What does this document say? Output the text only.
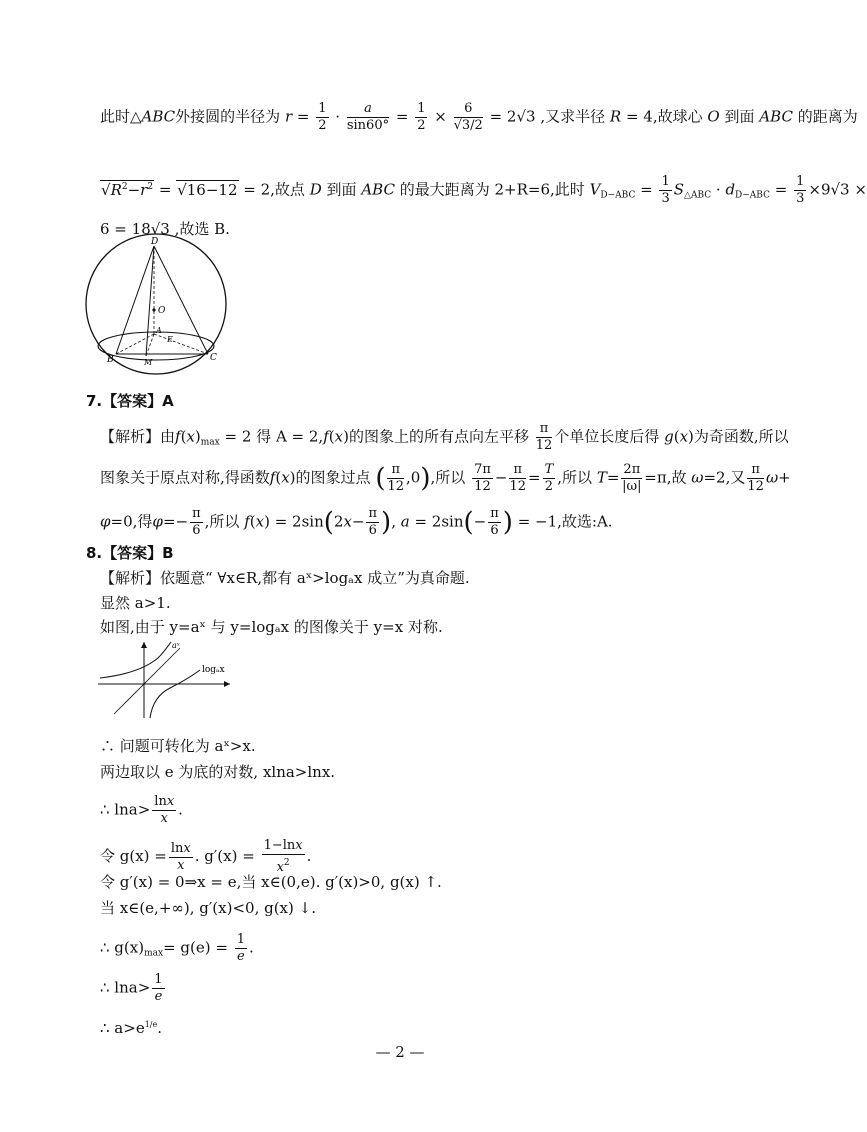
此时△ABC外接圆的半径为 $r = \frac{1}{2} \cdot \frac{a}{\sin 60^\circ} = \frac{1}{2} \times \frac{6}{√3/2} = 2√3$ ,又求半径 R = 4,故球心 O 到面 ABC 的距离为
$√R^2-r^2 = √16-12 = 2$,故点 D 到面 ABC 的最大距离为 2+R=6,此时 $V_{D-ABC} = \frac{1}{3} S_{\triangle ABC} \cdot d_{D-ABC} = \frac{1}{3} \times 9√3$ ×
6 = 18√3 ,故选 B.
D
O
A
E
B	M	C
7.【答案】A
【解析】由$f(x)_{max} = 2$ 得 A = 2,f(x)的图象上的所有点向左平移 $\frac{\pi}{12}$ 个单位长度后得 g(x)为奇函数,所以
图象关于原点对称,得函数f(x)的图象过点 ( $\frac{\pi}{12} ,0$),所以 $\frac{7\pi}{12} - \frac{\pi}{12} = \frac{T}{2}$ ,所以 $T= \frac{2\pi}{|\omega|} =\pi$,故 ω=2,又 $\frac{\pi}{12} \omega+$
φ=0,得$\varphi=- \frac{\pi}{6}$ ,所以 $f(x) = 2\sin(2x- \frac{\pi}{6}$ ), $a = 2\sin(- \frac{\pi}{6}$ ) = −1,故选:A.
8.【答案】B
【解析】依题意“ ∀x∈R,都有 aˣ>logₐx 成立”为真命题.
显然 a>1.
如图,由于 y=aˣ 与 y=logₐx 的图像关于 y=x 对称.
aˣ
logₐx
∴ 问题可转化为 aˣ>x.
两边取以 e 为底的对数, xlna>lnx.
∴ $\ln a> \frac{\ln x}{x}$ .
令 $g(x) = \frac{\ln x}{x}$ . $g'(x) = \frac{1-\ln x}{x^2}$ .
令 g′(x) = 0⇒x = e,当 x∈(0,e). g′(x)>0, g(x) ↑.
当 x∈(e,+∞), g′(x)<0, g(x) ↓.
∴ $g(x)_{max}= g(e) = \frac{1}{e}$ .
∴ $\ln a> \frac{1}{e}$
∴ $a>e^{1/e}$.
— 2 —
